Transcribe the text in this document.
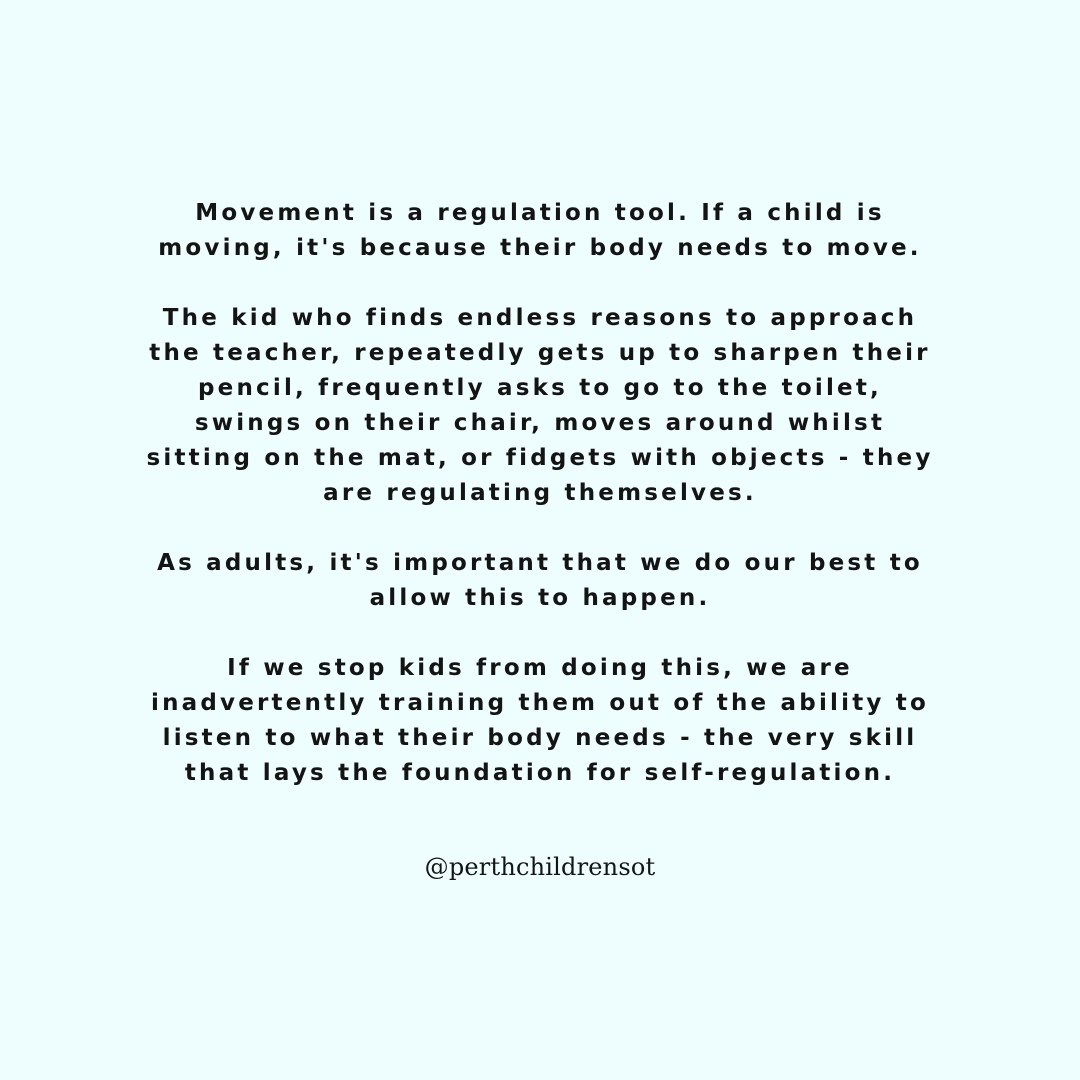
Movement is a regulation tool. If a child is
moving, it's because their body needs to move.

The kid who finds endless reasons to approach
the teacher, repeatedly gets up to sharpen their
pencil, frequently asks to go to the toilet,
swings on their chair, moves around whilst
sitting on the mat, or fidgets with objects - they
are regulating themselves.

As adults, it's important that we do our best to
allow this to happen.

If we stop kids from doing this, we are
inadvertently training them out of the ability to
listen to what their body needs - the very skill
that lays the foundation for self-regulation.

@perthchildrensot
